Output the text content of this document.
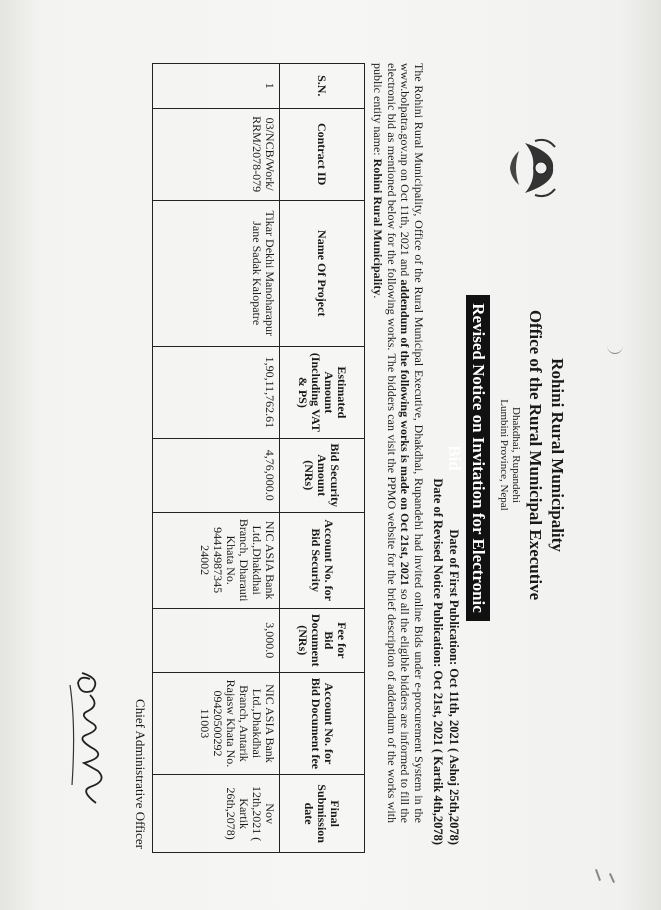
Rohini Rural Municipality
Office of the Rural Municipal Executive
Dhakdhai, Rupandehi
Lumbini Province, Nepal
Revised Notice on Invitation for Electronic Bid
Date of First Publication: Oct 11th, 2021 ( Ashoj 25th,2078)
Date of Revised Notice Publication: Oct 21st, 2021 ( Kartik 4th,2078)
The Rohini Rural Municipality, Office of the Rural Municipal Executive, Dhakdhai, Rupandehi had invited online Bids under e-procurement System in the www.bolpatra.gov.np on Oct 11th, 2021 and addendum of the following works is made on Oct 21st, 2021 so all the eligible bidders are informed to fill the electronic bid as mentioned below for the following works. The bidders can visit the PPMO website for the brief description of addendum of the works with public entity name: Rohini Rural Municipality.
S.N.	Contract ID	Name Of Project	Estimated Amount (Including VAT & PS)	Bid Security Amount (NRs)	Account No. for Bid Security	Fee for Bid Document (NRs)	Account No. for Bid Document fee	Final Submission date
1	03/NCB/Work/ RRM/2078-079	Tikar Dekhi Manoharapur Jane Sadak Kalopatre	1,90,11,762.61	4,76,000.0	NIC ASIA Bank Ltd.,Dhakdhai Branch, Dharauti Khata No. 94414987345 24002	3,000.0	NIC ASIA Bank Ltd.,Dhakdhai Branch, Antarik Rajasw Khata No. 09420500292 11003	Nov 12th,2021 ( Kartik 26th,2078)
Chief Administrative Officer
